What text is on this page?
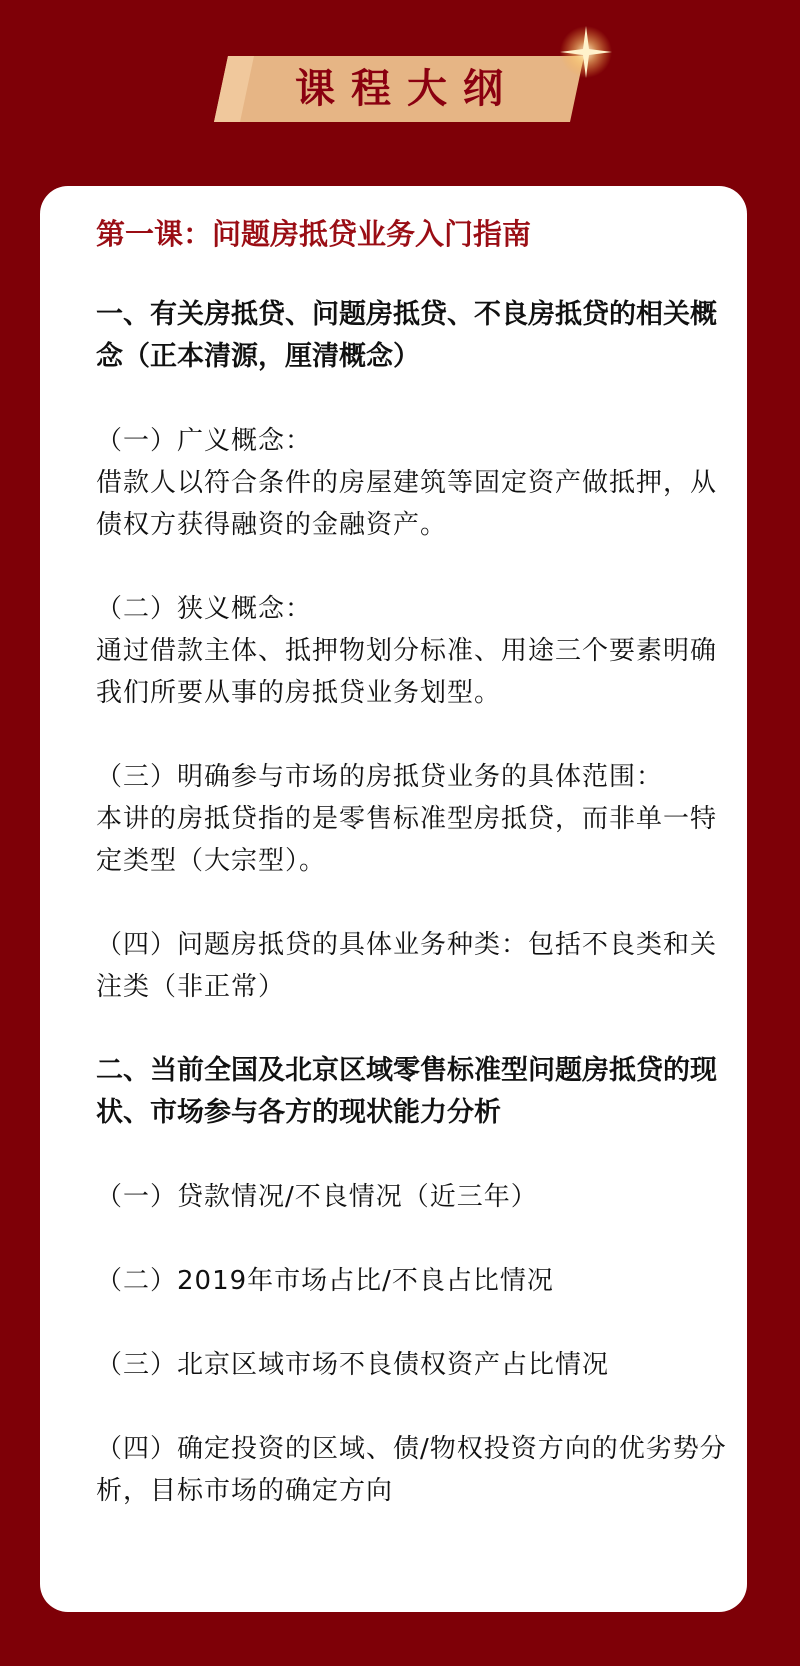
课程大纲

第一课：问题房抵贷业务入门指南

一、有关房抵贷、问题房抵贷、不良房抵贷的相关概念（正本清源，厘清概念）

（一）广义概念：

借款人以符合条件的房屋建筑等固定资产做抵押，从债权方获得融资的金融资产。

（二）狭义概念：

通过借款主体、抵押物划分标准、用途三个要素明确我们所要从事的房抵贷业务划型。

（三）明确参与市场的房抵贷业务的具体范围：

本讲的房抵贷指的是零售标准型房抵贷，而非单一特定类型（大宗型）。

（四）问题房抵贷的具体业务种类：包括不良类和关注类（非正常）

二、当前全国及北京区域零售标准型问题房抵贷的现状、市场参与各方的现状能力分析

（一）贷款情况/不良情况（近三年）

（二）2019年市场占比/不良占比情况

（三）北京区域市场不良债权资产占比情况

（四）确定投资的区域、债/物权投资方向的优劣势分析，目标市场的确定方向
